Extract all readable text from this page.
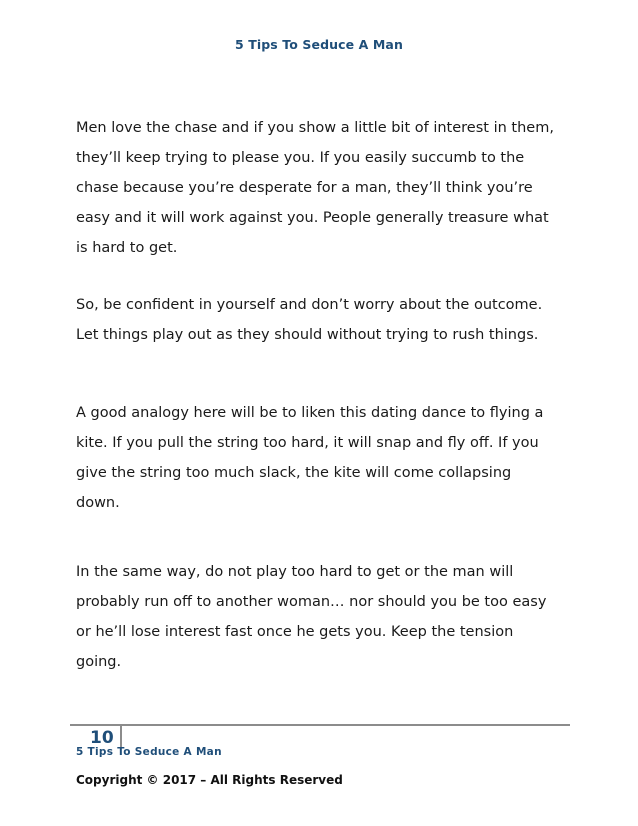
5 Tips To Seduce A Man
Men love the chase and if you show a little bit of interest in them,
they’ll keep trying to please you. If you easily succumb to the
chase because you’re desperate for a man, they’ll think you’re
easy and it will work against you. People generally treasure what
is hard to get.
So, be confident in yourself and don’t worry about the outcome.
Let things play out as they should without trying to rush things.
A good analogy here will be to liken this dating dance to flying a
kite. If you pull the string too hard, it will snap and fly off. If you
give the string too much slack, the kite will come collapsing
down.
In the same way, do not play too hard to get or the man will
probably run off to another woman… nor should you be too easy
or he’ll lose interest fast once he gets you. Keep the tension
going.
10
5 Tips To Seduce A Man
Copyright © 2017 – All Rights Reserved
